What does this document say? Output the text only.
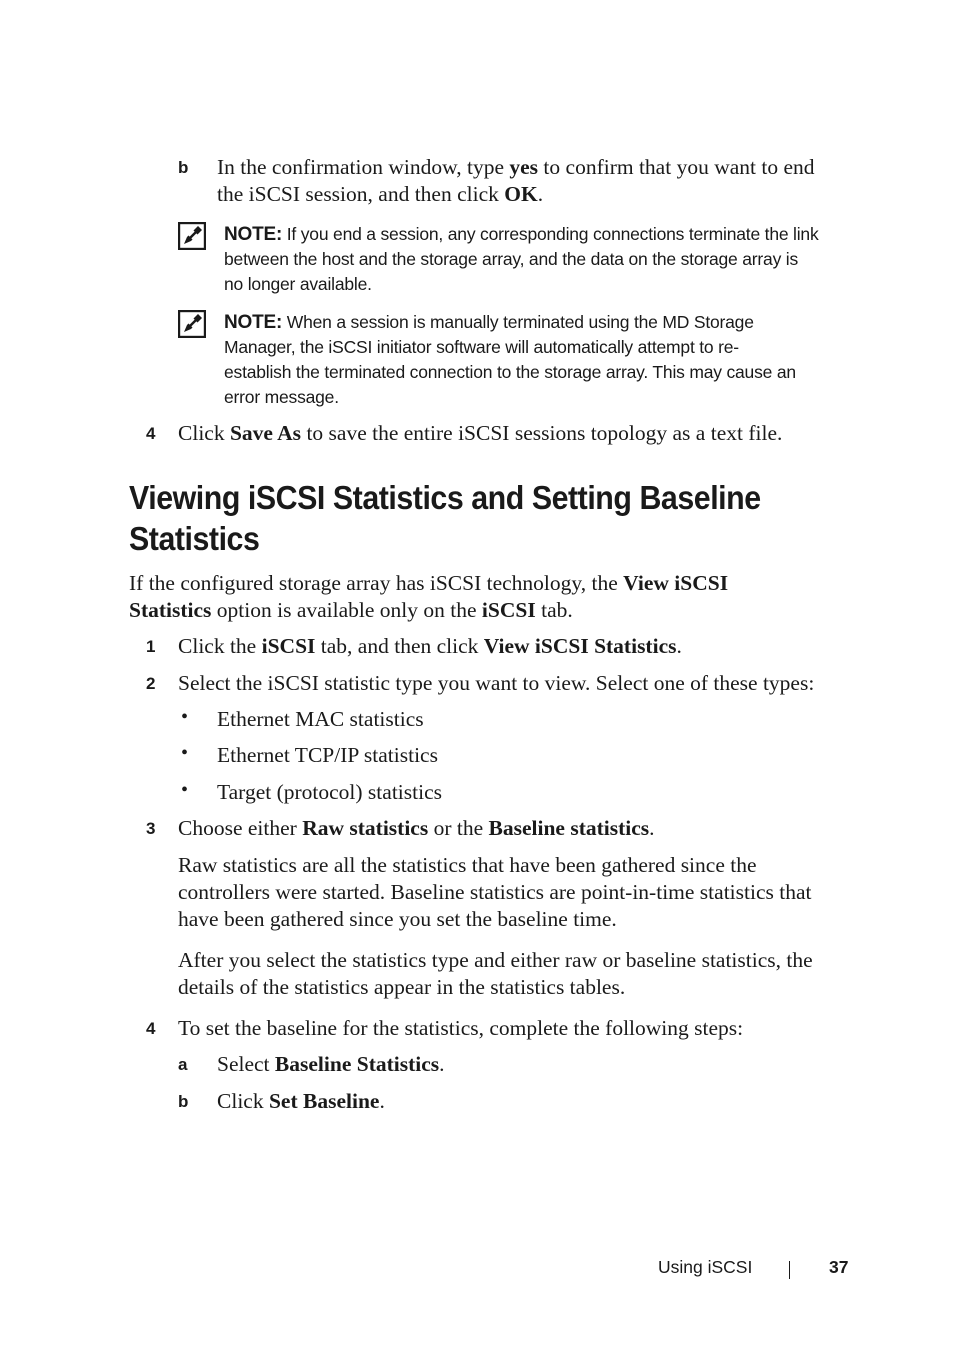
b In the confirmation window, type yes to confirm that you want to end
the iSCSI session, and then click OK.
NOTE: If you end a session, any corresponding connections terminate the link
between the host and the storage array, and the data on the storage array is
no longer available.
NOTE: When a session is manually terminated using the MD Storage
Manager, the iSCSI initiator software will automatically attempt to re-
establish the terminated connection to the storage array. This may cause an
error message.
4 Click Save As to save the entire iSCSI sessions topology as a text file.
Viewing iSCSI Statistics and Setting Baseline
Statistics
If the configured storage array has iSCSI technology, the View iSCSI
Statistics option is available only on the iSCSI tab.
1 Click the iSCSI tab, and then click View iSCSI Statistics.
2 Select the iSCSI statistic type you want to view. Select one of these types:
• Ethernet MAC statistics
• Ethernet TCP/IP statistics
• Target (protocol) statistics
3 Choose either Raw statistics or the Baseline statistics.
Raw statistics are all the statistics that have been gathered since the
controllers were started. Baseline statistics are point-in-time statistics that
have been gathered since you set the baseline time.
After you select the statistics type and either raw or baseline statistics, the
details of the statistics appear in the statistics tables.
4 To set the baseline for the statistics, complete the following steps:
a Select Baseline Statistics.
b Click Set Baseline.
Using iSCSI	37
